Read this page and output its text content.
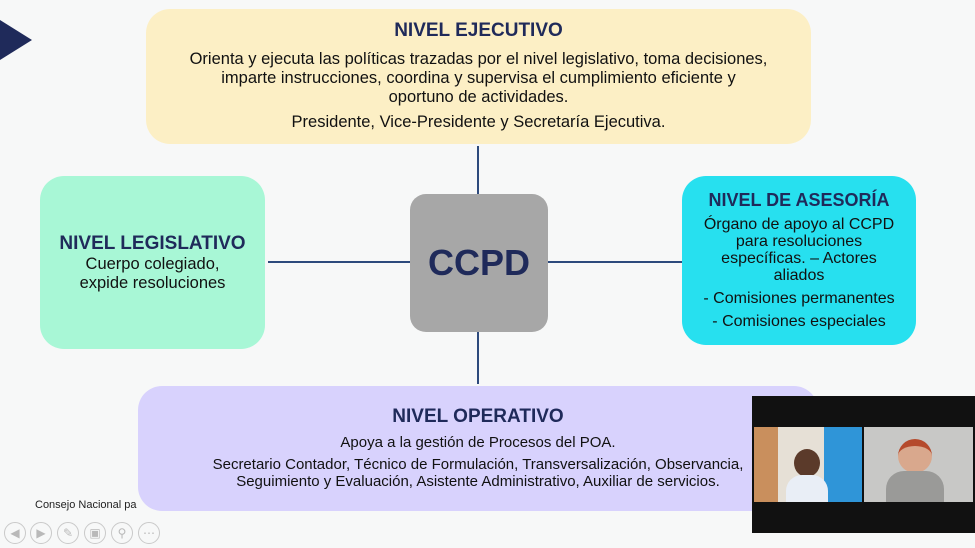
NIVEL EJECUTIVO

Orienta y ejecuta las políticas trazadas por el nivel legislativo, toma decisiones,

imparte instrucciones, coordina y supervisa el cumplimiento eficiente y

oportuno de actividades.

Presidente, Vice-Presidente y Secretaría Ejecutiva.

NIVEL LEGISLATIVO

Cuerpo colegiado,

expide resoluciones	CCPD
NIVEL DE ASESORÍA

Órgano de apoyo al CCPD

para resoluciones

específicas. – Actores

aliados

- Comisiones permanentes

- Comisiones especiales

NIVEL OPERATIVO

Apoya a la gestión de Procesos del POA.

Secretario Contador, Técnico de Formulación, Transversalización, Observancia,

Seguimiento y Evaluación, Asistente Administrativo, Auxiliar de servicios.

Consejo Nacional pa
◀	▶	✎	▣	⚲	⋯
